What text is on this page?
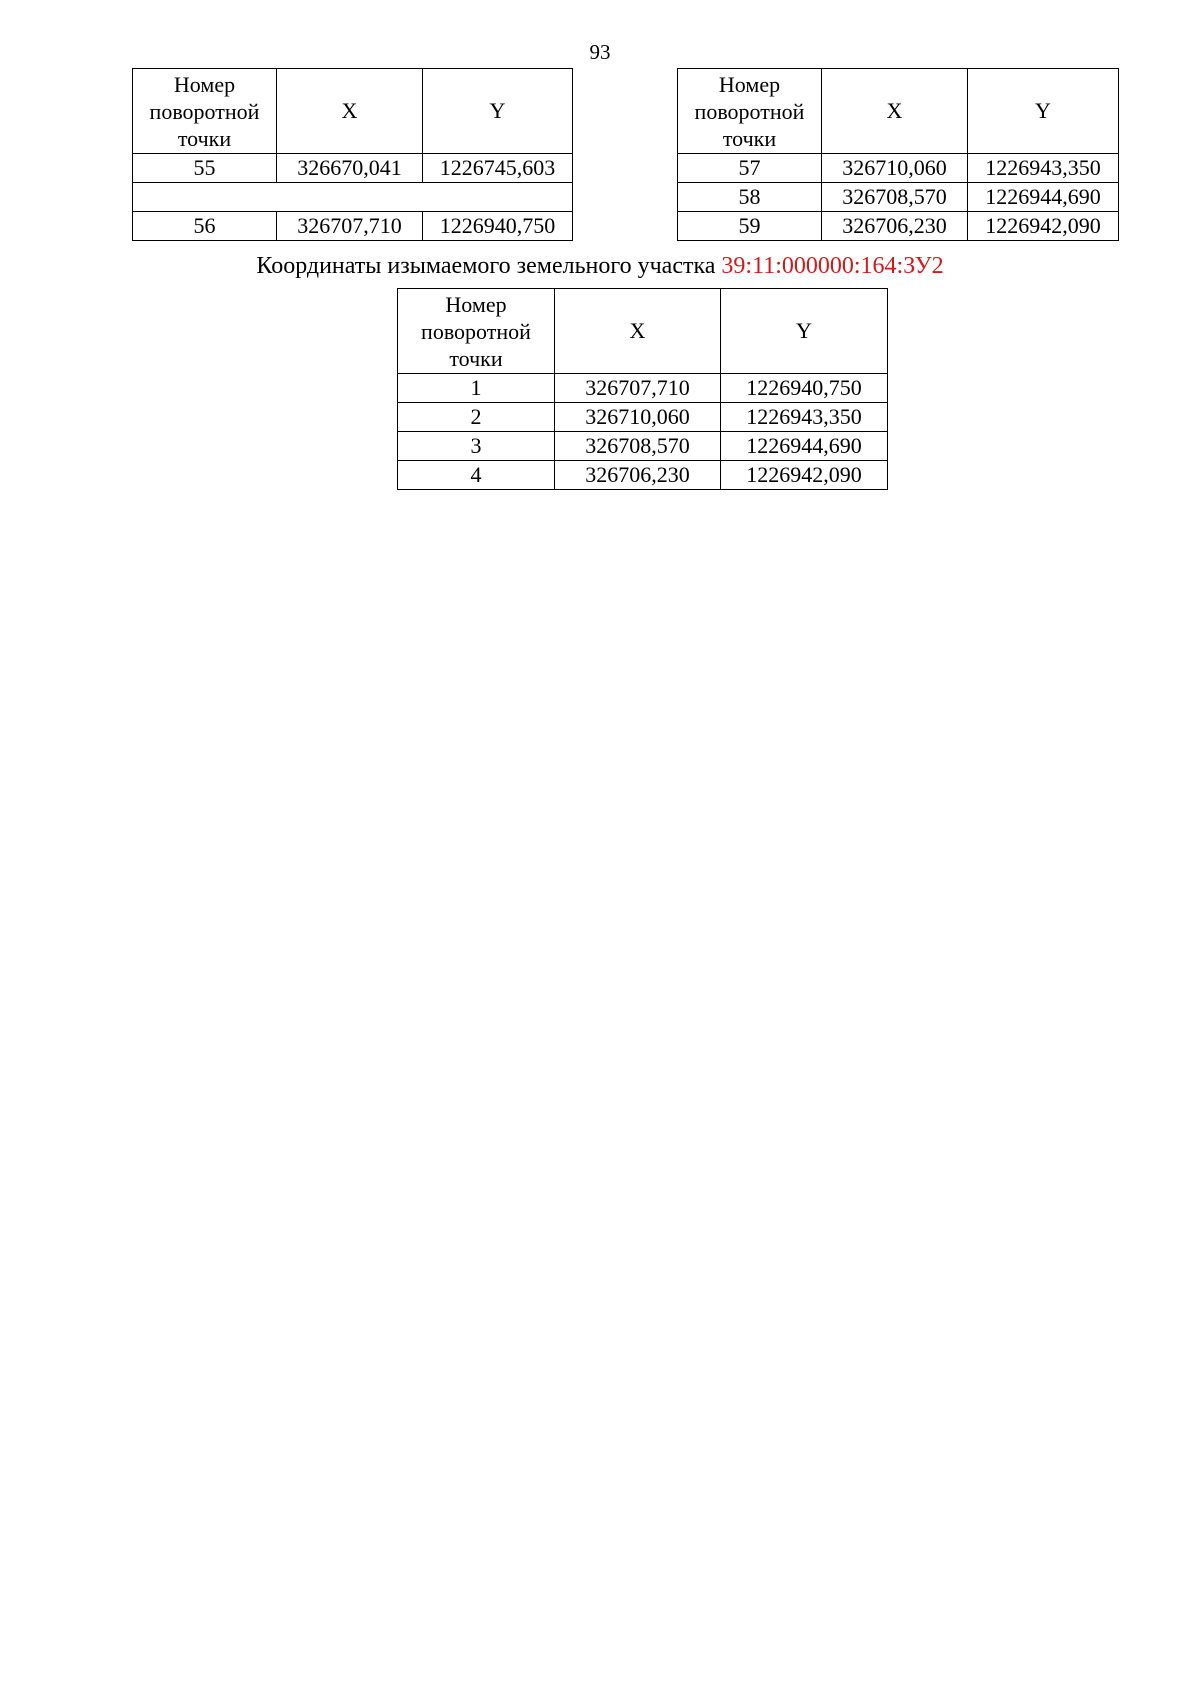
93
Номер поворотной точки	X	Y
55	326670,041	1226745,603

56	326707,710	1226940,750
Номер поворотной точки	X	Y
57	326710,060	1226943,350
58	326708,570	1226944,690
59	326706,230	1226942,090
Координаты изымаемого земельного участка 39:11:000000:164:ЗУ2
Номер поворотной точки	X	Y
1	326707,710	1226940,750
2	326710,060	1226943,350
3	326708,570	1226944,690
4	326706,230	1226942,090
